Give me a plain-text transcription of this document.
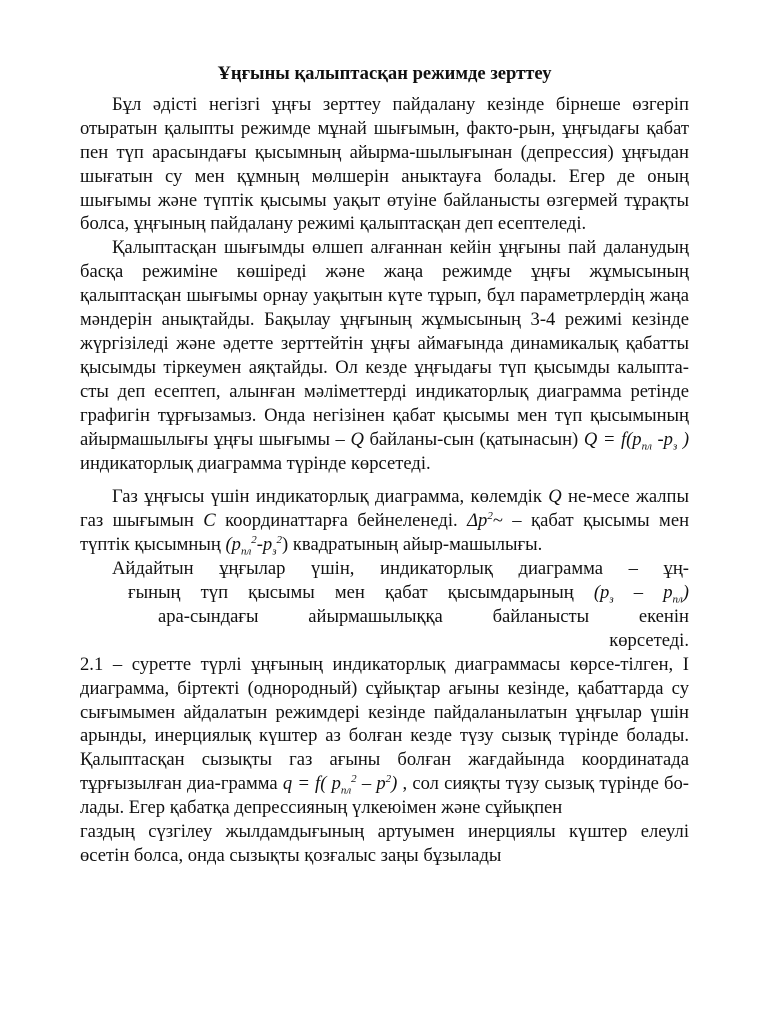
Ұңғыны қалыптасқан режимде зерттеу

Бұл әдісті негізгі ұңғы зерттеу пайдалану кезінде бірнеше өзгеріп отыратын қалыпты режимде мұнай шығымын, факто-рын, ұңғыдағы қабат пен түп арасындағы қысымның айырма-шылығынан (депрессия) ұңғыдан шығатын су мен құмның мөлшерін аныктауға болады. Егер де оның шығымы және түптік қысымы уақыт өтуіне байланысты өзгермей тұрақты болса, ұңғының пайдалану режимі қалыптасқан деп есептеледі.

Қалыптасқан шығымды өлшеп алғаннан кейін ұңғыны пай даланудың басқа режиміне көшіреді және жаңа режимде ұңғы жұмысының қалыптасқан шығымы орнау уақытын күте тұрып, бұл параметрлердің жаңа мәндерін анықтайды. Бақылау ұңғының жұмысының 3-4 режимі кезінде жүргізіледі және әдетте зерттейтін ұңғы аймағында динамикалық қабатты қысымды тіркеумен аяқтайды. Ол кезде ұңғыдағы түп қысымды калыпта-сты деп есептеп, алынған мәліметтерді индикаторлық диаграмма ретінде графигін тұрғызамыз. Онда негізінен қабат қысымы мен түп қысымының айырмашылығы ұңғы шығымы – Q байланы-сын (қатынасын) $Q = f(p_{пл}$ $-p_з$ ) индикаторлық диаграмма түрінде көрсетеді.

Газ ұңғысы үшін индикаторлық диаграмма, көлемдік Q не-месе жалпы газ шығымын C координаттарға бейнеленеді. $\Delta p^2\sim$ – қабат қысымы мен түптік қысымның $(p_{пл}^2-p_з^2)$ квадратының айыр-машылығы.

Айдайтын ұңғылар үшін, индикаторлық диаграмма – ұң-
ғының түп қысымы мен қабат қысымдарының $(p_з - p_{пл})$
ара-сындағы айырмашылыққа байланысты екенін
көрсетеді.

2.1 – суретте түрлі ұңғының индикаторлық диаграммасы көрсе-тілген, I диаграмма, біртекті (однородный) сұйықтар ағыны кезінде, қабаттарда су сығымымен айдалатын режимдері кезінде пайдаланылатын ұңғылар үшін арынды, инерциялық күштер аз болған кезде түзу сызық түрінде болады. Қалыптасқан сызықты газ ағыны болған жағдайында координатада тұрғызылған диа-грамма q = f( $p_{пл}^2 - p^2$) , сол сияқты түзу сызық түрінде бо-лады. Егер қабатқа депрессияның үлкеюімен және сұйықпен

газдың сүзгілеу жылдамдығының артуымен инерциялы күштер елеулі өсетін болса, онда сызықты қозғалыс заңы бұзылады
